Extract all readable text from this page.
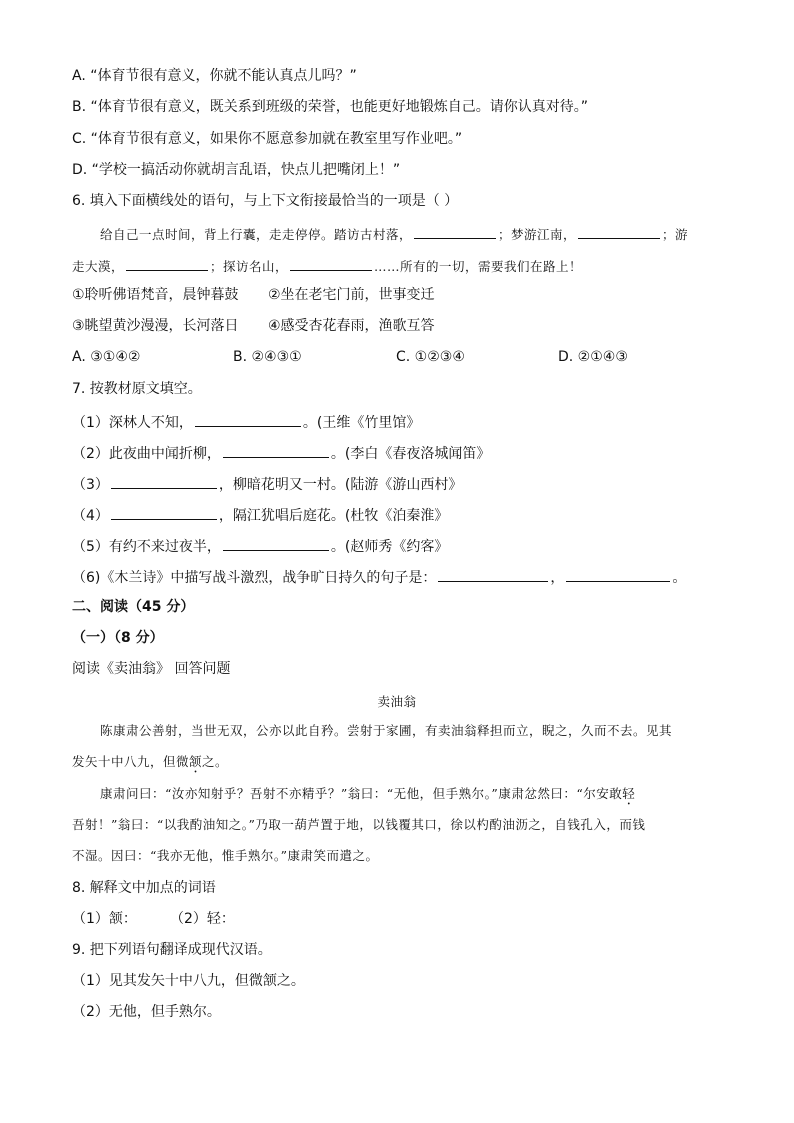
A. “体育节很有意义，你就不能认真点儿吗？”
B. “体育节很有意义，既关系到班级的荣誉，也能更好地锻炼自己。请你认真对待。”
C. “体育节很有意义，如果你不愿意参加就在教室里写作业吧。”
D. “学校一搞活动你就胡言乱语，快点儿把嘴闭上！”
6. 填入下面横线处的语句，与上下文衔接最恰当的一项是（ ）
给自己一点时间，背上行囊，走走停停。踏访古村落，	；梦游江南，	；游
走大漠，	；探访名山，	……所有的一切，需要我们在路上！
①聆听佛语梵音，晨钟暮鼓 ②坐在老宅门前，世事变迁
③眺望黄沙漫漫，长河落日 ④感受杏花春雨，渔歌互答
A. ③①④②	B. ②④③①	C. ①②③④	D. ②①④③
7. 按教材原文填空。
（1）深林人不知，	。(王维《竹里馆》
（2）此夜曲中闻折柳，	。(李白《春夜洛城闻笛》
（3）	，柳暗花明又一村。(陆游《游山西村》
（4）	，隔江犹唱后庭花。(杜牧《泊秦淮》
（5）有约不来过夜半，	。(赵师秀《约客》
（6)《木兰诗》中描写战斗激烈，战争旷日持久的句子是：	，	。
二、阅读（45 分）
（一）（8 分）
阅读《卖油翁》 回答问题
卖油翁
陈康肃公善射，当世无双，公亦以此自矜。尝射于家圃，有卖油翁释担而立，睨之，久而不去。见其
发矢十中八九，但微颔之。
康肃问曰：“汝亦知射乎？吾射不亦精乎？”翁曰：“无他，但手熟尔。”康肃忿然曰：“尔安敢轻
吾射！”翁曰：“以我酌油知之。”乃取一葫芦置于地，以钱覆其口，徐以杓酌油沥之，自钱孔入，而钱
不湿。因曰：“我亦无他，惟手熟尔。”康肃笑而遣之。
8. 解释文中加点的词语
（1）颔： （2）轻：
9. 把下列语句翻译成现代汉语。
（1）见其发矢十中八九，但微颔之。
（2）无他，但手熟尔。
